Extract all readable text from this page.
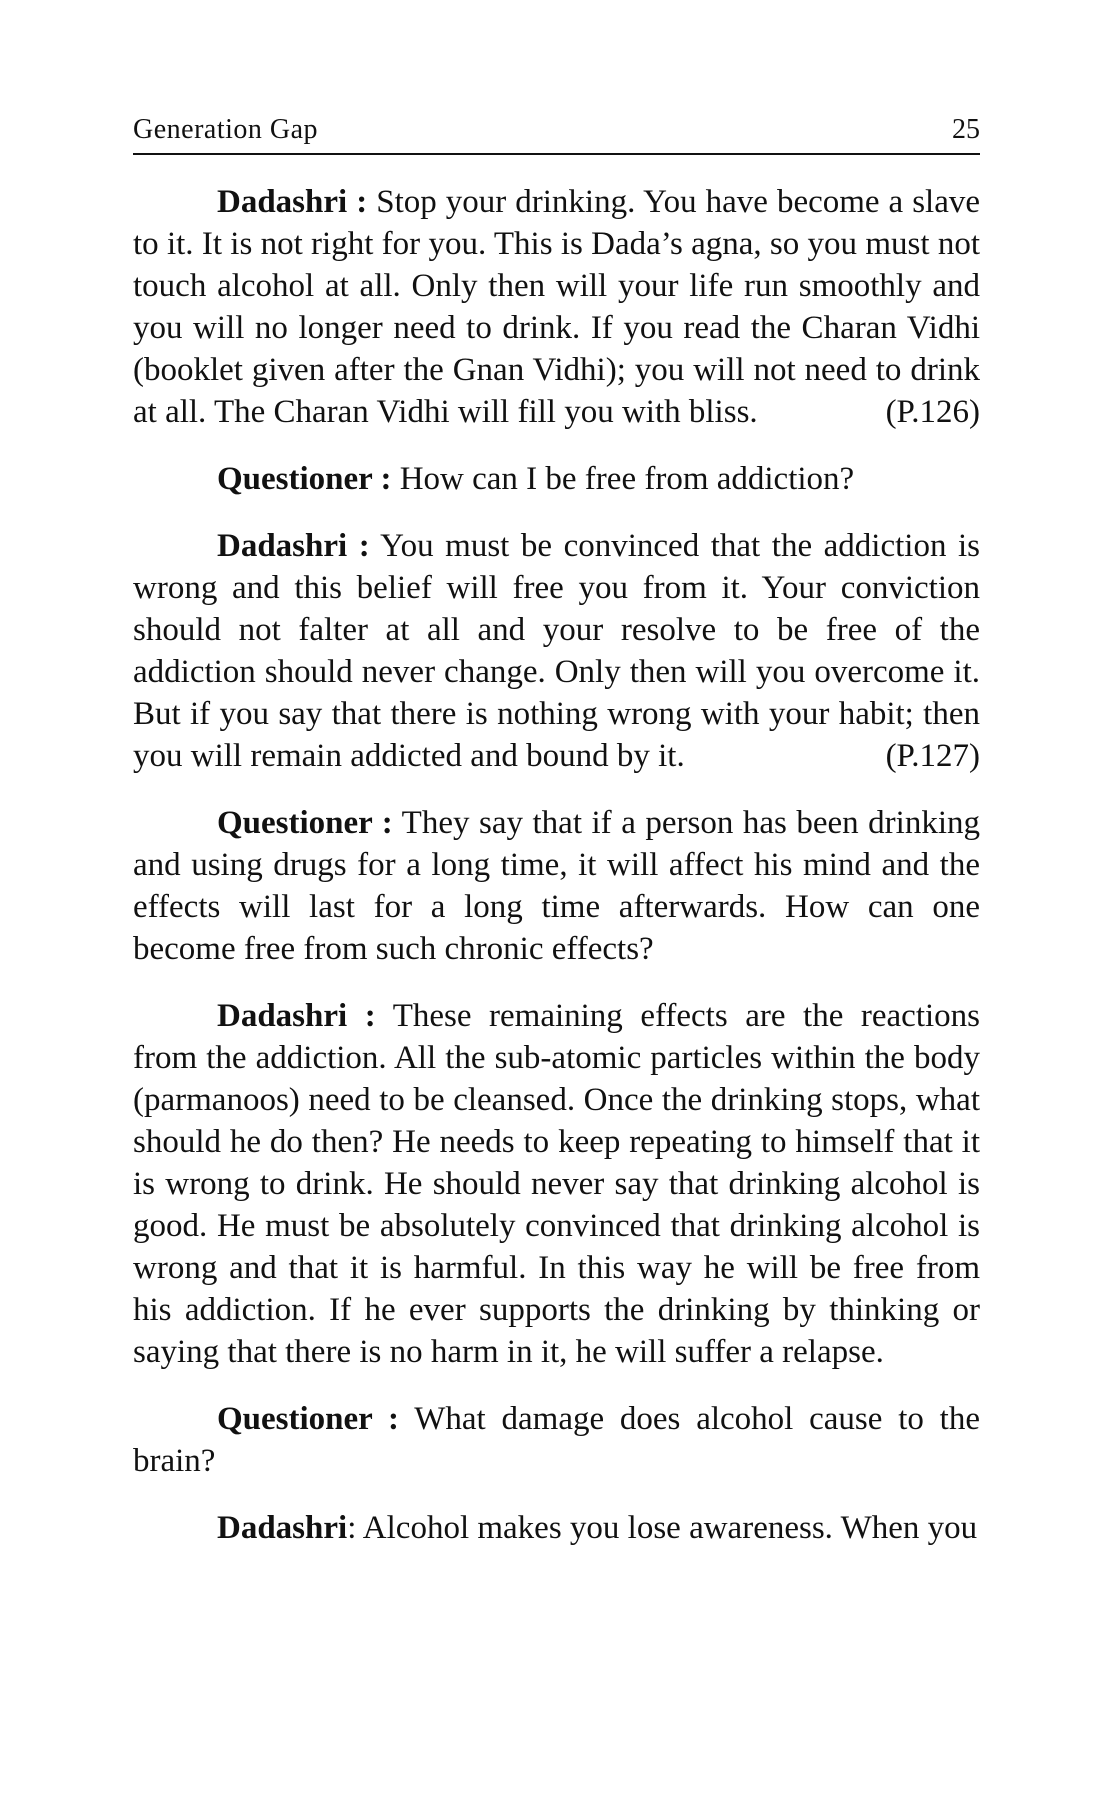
Generation Gap	25

Dadashri : Stop your drinking. You have become a slave to it. It is not right for you. This is Dada’s agna, so you must not touch alcohol at all. Only then will your life run smoothly and you will no longer need to drink. If you read the Charan Vidhi (booklet given after the Gnan Vidhi); you will not need to drink at all. The Charan Vidhi will fill you with bliss.	(P.126)

Questioner : How can I be free from addiction?

Dadashri : You must be convinced that the addiction is wrong and this belief will free you from it. Your conviction should not falter at all and your resolve to be free of the addiction should never change. Only then will you overcome it. But if you say that there is nothing wrong with your habit; then you will remain addicted and bound by it.	(P.127)

Questioner : They say that if a person has been drinking and using drugs for a long time, it will affect his mind and the effects will last for a long time afterwards. How can one become free from such chronic effects?

Dadashri : These remaining effects are the reactions from the addiction. All the sub-atomic particles within the body (parmanoos) need to be cleansed. Once the drinking stops, what should he do then? He needs to keep repeating to himself that it is wrong to drink. He should never say that drinking alcohol is good. He must be absolutely convinced that drinking alcohol is wrong and that it is harmful. In this way he will be free from his addiction. If he ever supports the drinking by thinking or saying that there is no harm in it, he will suffer a relapse.

Questioner : What damage does alcohol cause to the brain?

Dadashri: Alcohol makes you lose awareness. When you
